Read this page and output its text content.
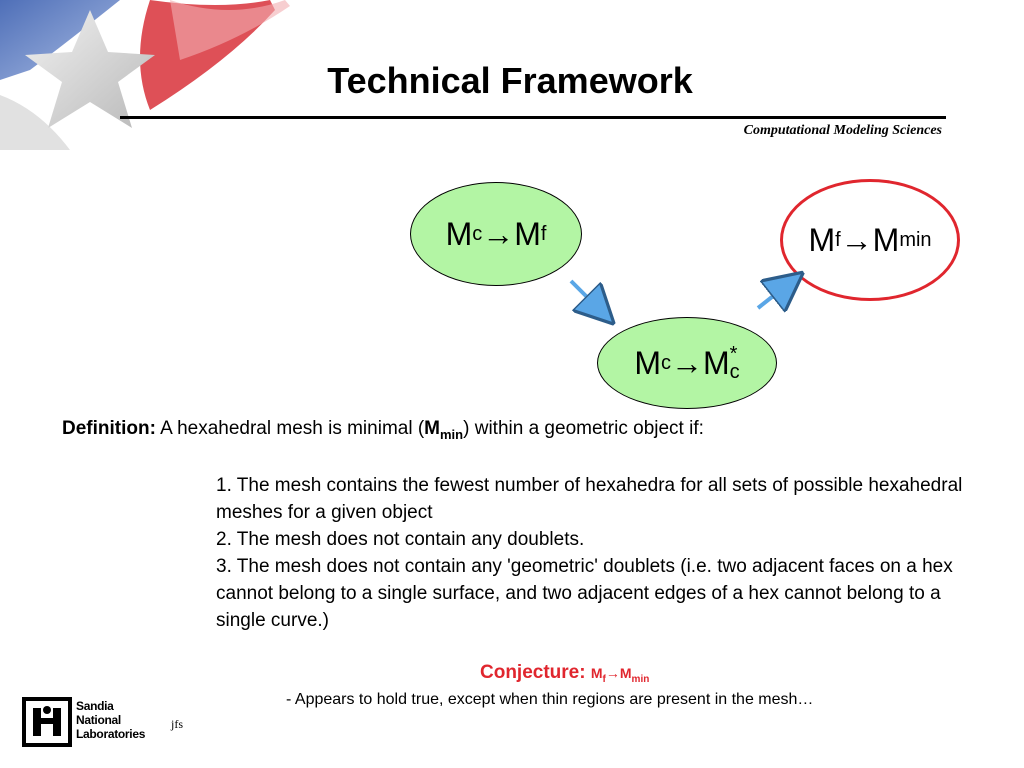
Technical Framework
Computational Modeling Sciences
M c → M f	M f → M min
M c → M *
c
Definition: A hexahedral mesh is minimal $(M_{min})$ within a geometric object if:

1. The mesh contains the fewest number of hexahedra for all sets of possible hexahedral meshes for a given object

2. The mesh does not contain any doublets.

3. The mesh does not contain any 'geometric' doublets (i.e. two adjacent faces on a hex cannot belong to a single surface, and two adjacent edges of a hex cannot belong to a single curve.)

Conjecture: $M_f\to M_{min}$
- Appears to hold true, except when thin regions are present in the mesh…
Sandia
National
Laboratories
jfs
